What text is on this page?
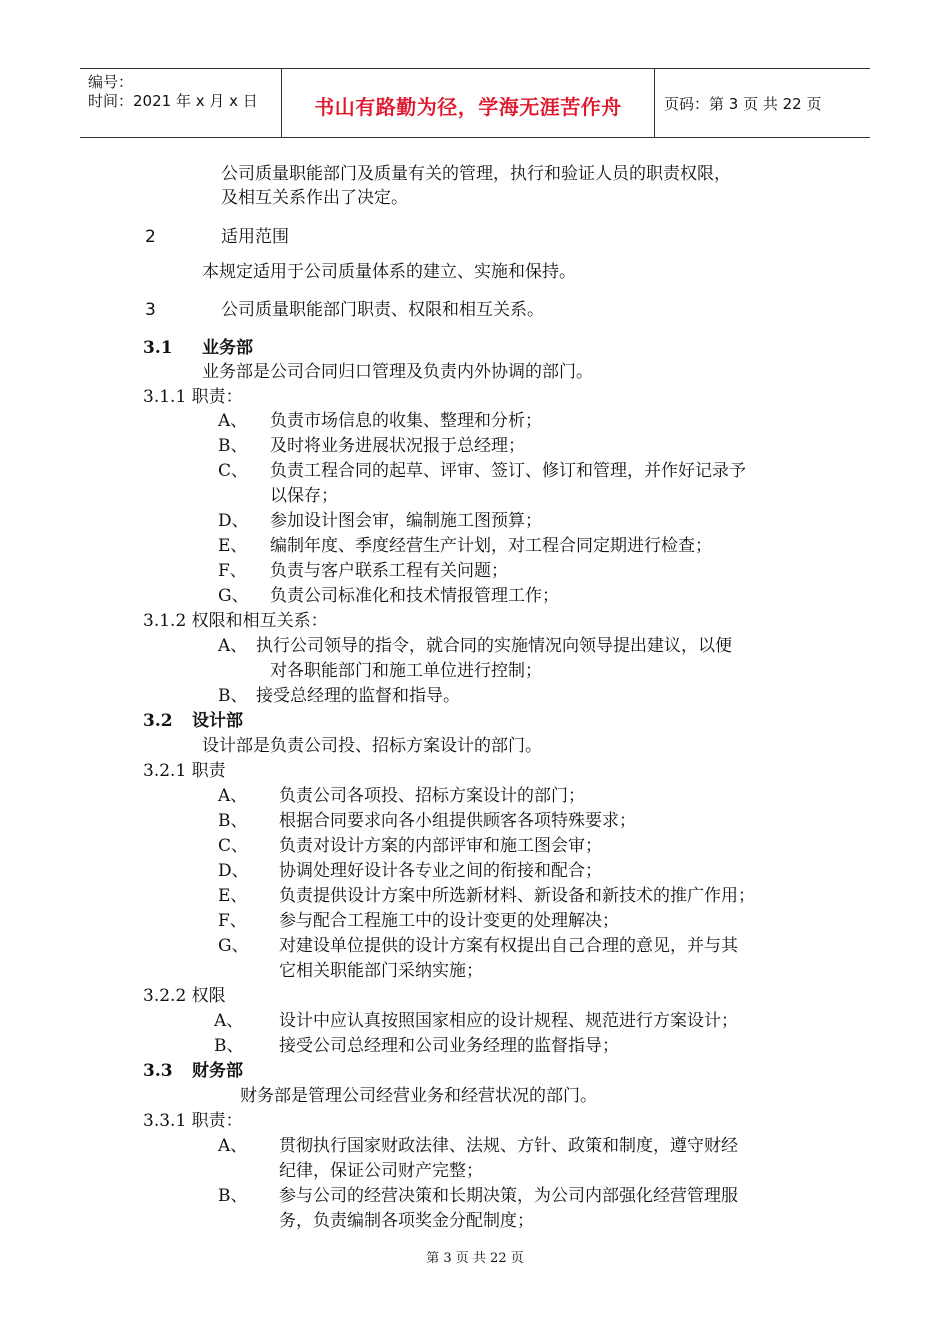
编号：
时间：2021 年 x 月 x 日	书山有路勤为径，学海无涯苦作舟	页码：第 3 页 共 22 页
公司质量职能部门及质量有关的管理，执行和验证人员的职责权限，
及相互关系作出了决定。
2	适用范围
本规定适用于公司质量体系的建立、实施和保持。
3	公司质量职能部门职责、权限和相互关系。
3.1 业务部
业务部是公司合同归口管理及负责内外协调的部门。
3.1.1 职责：
A、 负责市场信息的收集、整理和分析；
B、 及时将业务进展状况报于总经理；
C、 负责工程合同的起草、评审、签订、修订和管理，并作好记录予
以保存；
D、 参加设计图会审，编制施工图预算；
E、 编制年度、季度经营生产计划，对工程合同定期进行检查；
F、 负责与客户联系工程有关问题；
G、 负责公司标准化和技术情报管理工作；
3.1.2 权限和相互关系：
A、 执行公司领导的指令，就合同的实施情况向领导提出建议，以便
对各职能部门和施工单位进行控制；
B、 接受总经理的监督和指导。
3.2 设计部
设计部是负责公司投、招标方案设计的部门。
3.2.1 职责
A、 负责公司各项投、招标方案设计的部门；
B、 根据合同要求向各小组提供顾客各项特殊要求；
C、 负责对设计方案的内部评审和施工图会审；
D、 协调处理好设计各专业之间的衔接和配合；
E、 负责提供设计方案中所选新材料、新设备和新技术的推广作用；
F、 参与配合工程施工中的设计变更的处理解决；
G、 对建设单位提供的设计方案有权提出自己合理的意见，并与其
它相关职能部门采纳实施；
3.2.2 权限
A、 设计中应认真按照国家相应的设计规程、规范进行方案设计；
B、 接受公司总经理和公司业务经理的监督指导；
3.3 财务部
财务部是管理公司经营业务和经营状况的部门。
3.3.1 职责：
A、 贯彻执行国家财政法律、法规、方针、政策和制度，遵守财经
纪律，保证公司财产完整；
B、 参与公司的经营决策和长期决策，为公司内部强化经营管理服
务，负责编制各项奖金分配制度；
第 3 页 共 22 页
